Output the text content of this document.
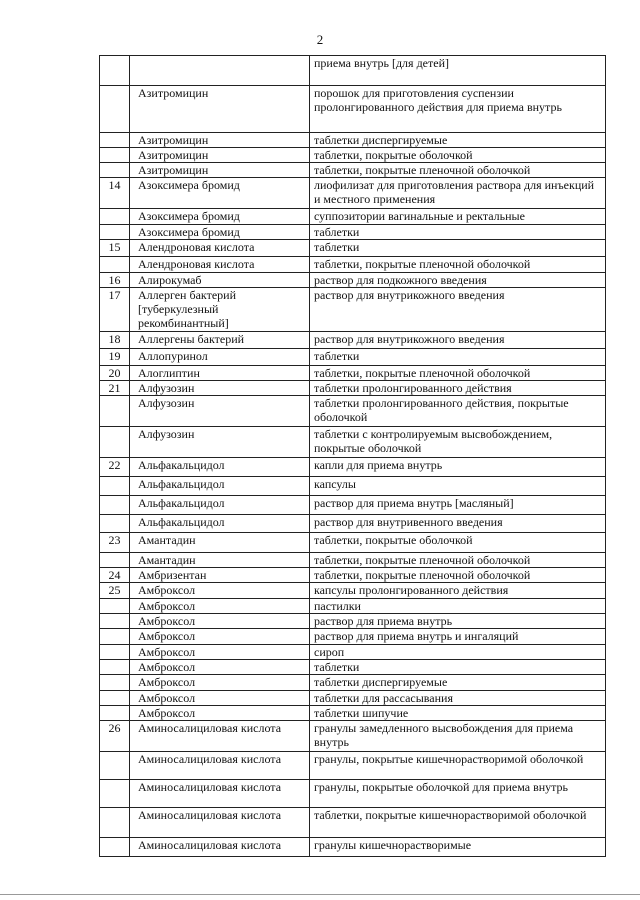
2
		приема внутрь [для детей]
	Азитромицин	порошок для приготовления суспензии пролонгированного действия для приема внутрь
	Азитромицин	таблетки диспергируемые
	Азитромицин	таблетки, покрытые оболочкой
	Азитромицин	таблетки, покрытые пленочной оболочкой
14	Азоксимера бромид	лиофилизат для приготовления раствора для инъекций и местного применения
	Азоксимера бромид	суппозитории вагинальные и ректальные
	Азоксимера бромид	таблетки
15	Алендроновая кислота	таблетки
	Алендроновая кислота	таблетки, покрытые пленочной оболочкой
16	Алирокумаб	раствор для подкожного введения
17	Аллерген бактерий [туберкулезный рекомбинантный]	раствор для внутрикожного введения
18	Аллергены бактерий	раствор для внутрикожного введения
19	Аллопуринол	таблетки
20	Алоглиптин	таблетки, покрытые пленочной оболочкой
21	Алфузозин	таблетки пролонгированного действия
	Алфузозин	таблетки пролонгированного действия, покрытые оболочкой
	Алфузозин	таблетки с контролируемым высвобождением, покрытые оболочкой
22	Альфакальцидол	капли для приема внутрь
	Альфакальцидол	капсулы
	Альфакальцидол	раствор для приема внутрь [масляный]
	Альфакальцидол	раствор для внутривенного введения
23	Амантадин	таблетки, покрытые оболочкой
	Амантадин	таблетки, покрытые пленочной оболочкой
24	Амбризентан	таблетки, покрытые пленочной оболочкой
25	Амброксол	капсулы пролонгированного действия
	Амброксол	пастилки
	Амброксол	раствор для приема внутрь
	Амброксол	раствор для приема внутрь и ингаляций
	Амброксол	сироп
	Амброксол	таблетки
	Амброксол	таблетки диспергируемые
	Амброксол	таблетки для рассасывания
	Амброксол	таблетки шипучие
26	Аминосалициловая кислота	гранулы замедленного высвобождения для приема внутрь
	Аминосалициловая кислота	гранулы, покрытые кишечнорастворимой оболочкой
	Аминосалициловая кислота	гранулы, покрытые оболочкой для приема внутрь
	Аминосалициловая кислота	таблетки, покрытые кишечнорастворимой оболочкой
	Аминосалициловая кислота	гранулы кишечнорастворимые
